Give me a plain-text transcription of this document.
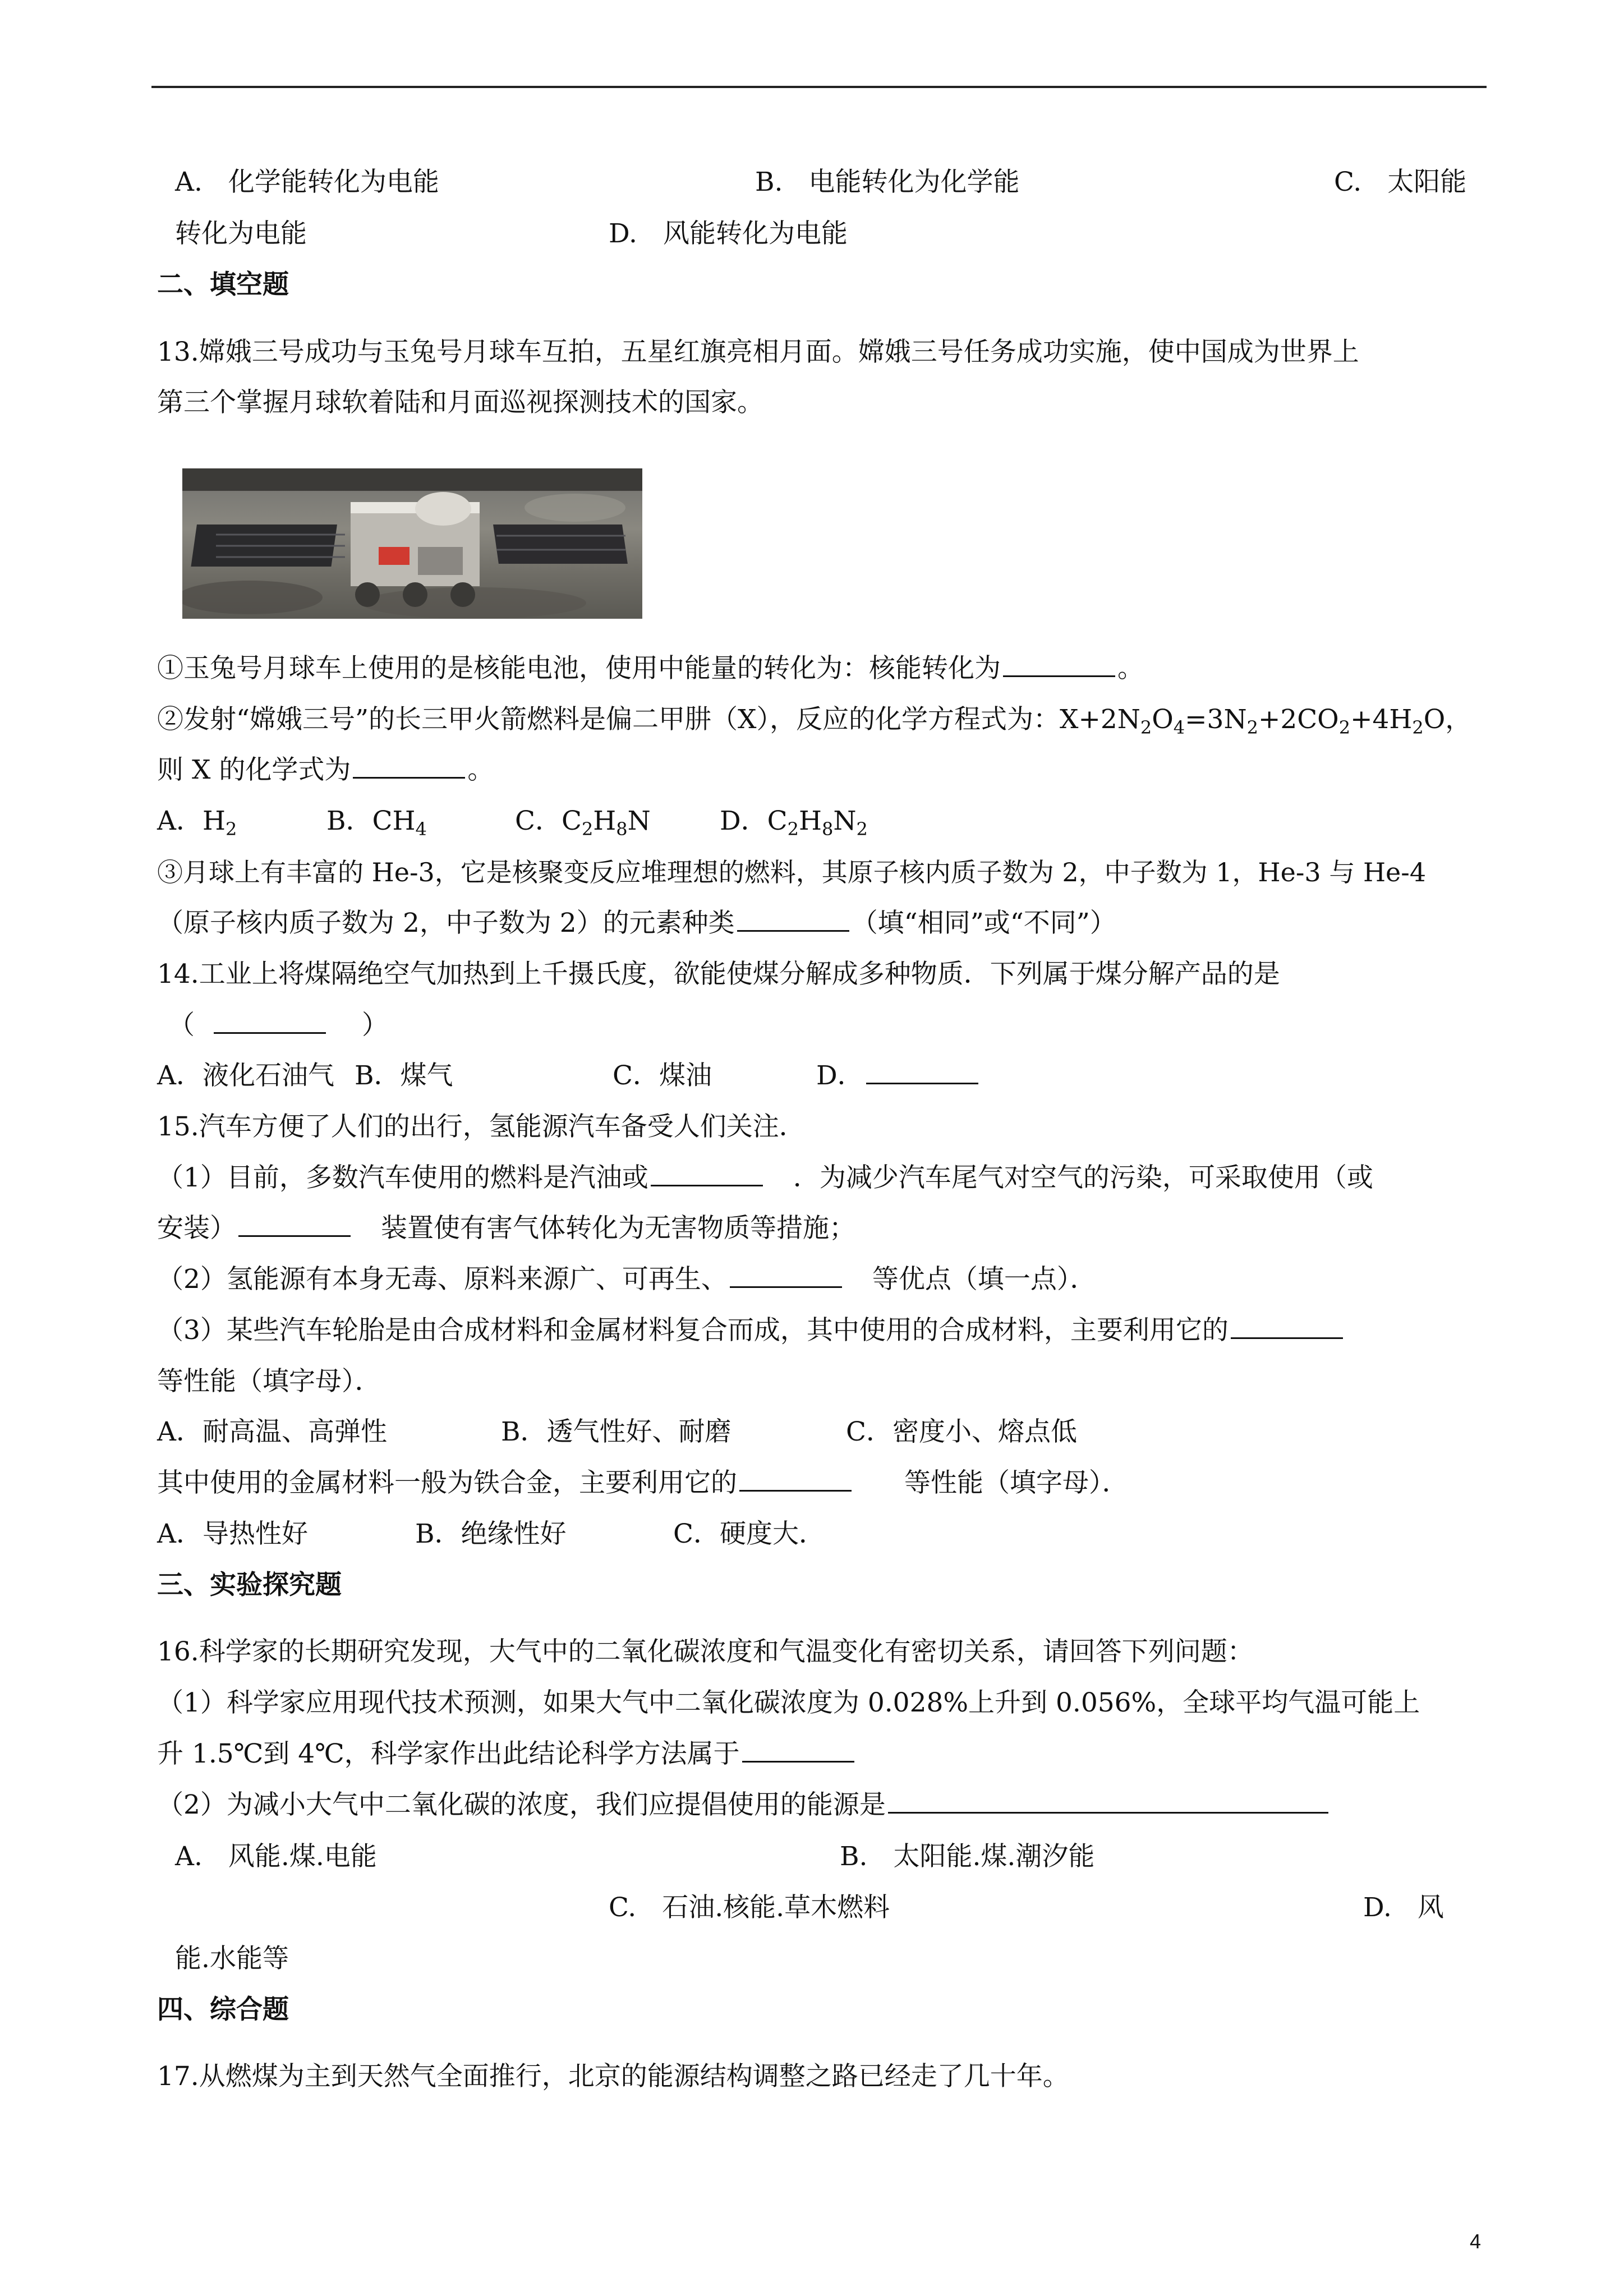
A. 化学能转化为电能	B. 电能转化为化学能	C. 太阳能
转化为电能	D. 风能转化为电能
二、填空题
13.嫦娥三号成功与玉兔号月球车互拍，五星红旗亮相月面。嫦娥三号任务成功实施，使中国成为世界上
第三个掌握月球软着陆和月面巡视探测技术的国家。
①玉兔号月球车上使用的是核能电池，使用中能量的转化为：核能转化为	。
②发射“嫦娥三号”的长三甲火箭燃料是偏二甲肼（X），反应的化学方程式为：$X+2N_2O_4=3N_2+2CO_2+4H_2O$，
则 X 的化学式为	。
A．$H_2$	B．$CH_4$	C．$C_2H_8N$	D．$C_2H_8N_2$
③月球上有丰富的 He-3，它是核聚变反应堆理想的燃料，其原子核内质子数为 2，中子数为 1，He-3 与 He-4
（原子核内质子数为 2，中子数为 2）的元素种类	（填“相同”或“不同”）
14.工业上将煤隔绝空气加热到上千摄氏度，欲能使煤分解成多种物质．下列属于煤分解产品的是
（	）
A．液化石油气 B．煤气	C．煤油	D．
15.汽车方便了人们的出行，氢能源汽车备受人们关注．
（1）目前，多数汽车使用的燃料是汽油或	．为减少汽车尾气对空气的污染，可采取使用（或
安装）	装置使有害气体转化为无害物质等措施；
（2）氢能源有本身无毒、原料来源广、可再生、	等优点（填一点）．
（3）某些汽车轮胎是由合成材料和金属材料复合而成，其中使用的合成材料，主要利用它的
等性能（填字母）．
A．耐高温、高弹性	B．透气性好、耐磨	C．密度小、熔点低
其中使用的金属材料一般为铁合金，主要利用它的	等性能（填字母）．
A．导热性好	B．绝缘性好	C．硬度大．
三、实验探究题
16.科学家的长期研究发现，大气中的二氧化碳浓度和气温变化有密切关系，请回答下列问题：
（1）科学家应用现代技术预测，如果大气中二氧化碳浓度为 0.028%上升到 0.056%，全球平均气温可能上
升 1.5℃到 4℃，科学家作出此结论科学方法属于
（2）为减小大气中二氧化碳的浓度，我们应提倡使用的能源是
A. 风能.煤.电能	B. 太阳能.煤.潮汐能
C. 石油.核能.草木燃料	D. 风
能.水能等
四、综合题
17.从燃煤为主到天然气全面推行，北京的能源结构调整之路已经走了几十年。
4
